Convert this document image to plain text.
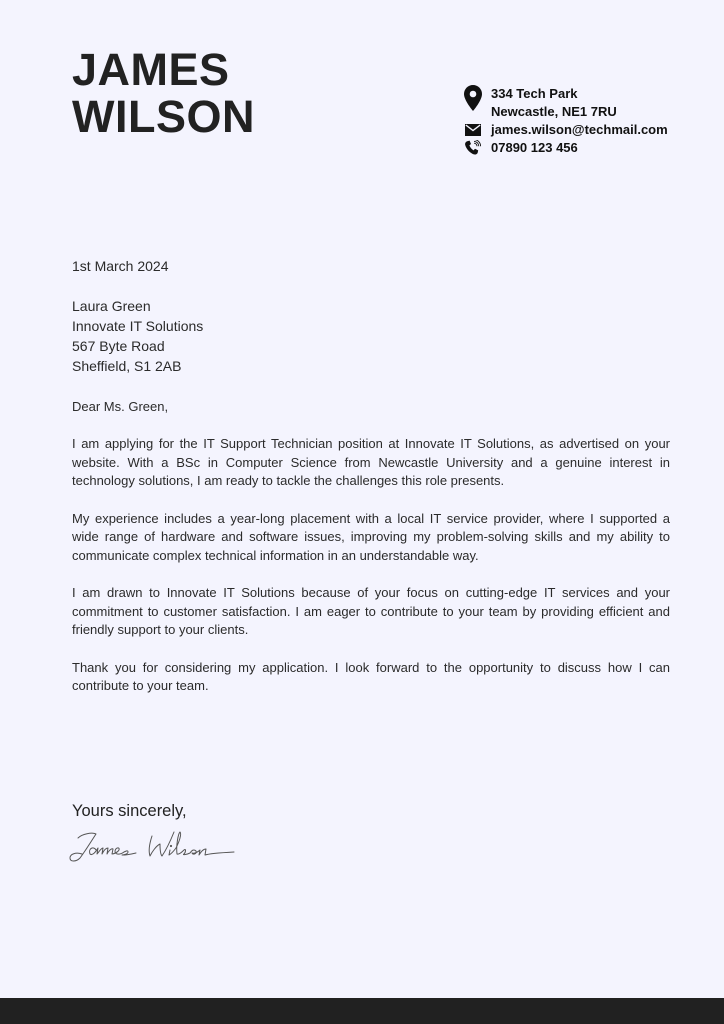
JAMES
WILSON	334 Tech Park
Newcastle, NE1 7RU
james.wilson@techmail.com
07890 123 456
1st March 2024
Laura Green
Innovate IT Solutions
567 Byte Road
Sheffield, S1 2AB
Dear Ms. Green,

I am applying for the IT Support Technician position at Innovate IT Solutions, as advertised on your website. With a BSc in Computer Science from Newcastle University and a genuine interest in technology solutions, I am ready to tackle the challenges this role presents.

My experience includes a year-long placement with a local IT service provider, where I supported a wide range of hardware and software issues, improving my problem-solving skills and my ability to communicate complex technical information in an understandable way.

I am drawn to Innovate IT Solutions because of your focus on cutting-edge IT services and your commitment to customer satisfaction. I am eager to contribute to your team by providing efficient and friendly support to your clients.

Thank you for considering my application. I look forward to the opportunity to discuss how I can contribute to your team.

Yours sincerely,
